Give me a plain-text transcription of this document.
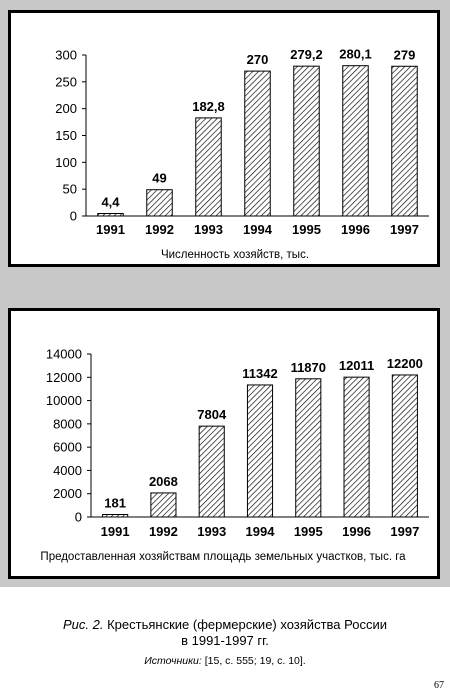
0
50
100
150
200
250
300
4,4
1991
49
1992
182,8
1993
270
1994
279,2
1995
280,1
1996
279
1997
Численность хозяйств, тыс.
0
2000
4000
6000
8000
10000
12000
14000
181
1991
2068
1992
7804
1993
11342
1994
11870
1995
12011
1996
12200
1997
Предоставленная хозяйствам площадь земельных участков, тыс. га
Рис. 2. Крестьянские (фермерские) хозяйства России
в 1991-1997 гг.
Источники: [15, с. 555; 19, с. 10].
67
